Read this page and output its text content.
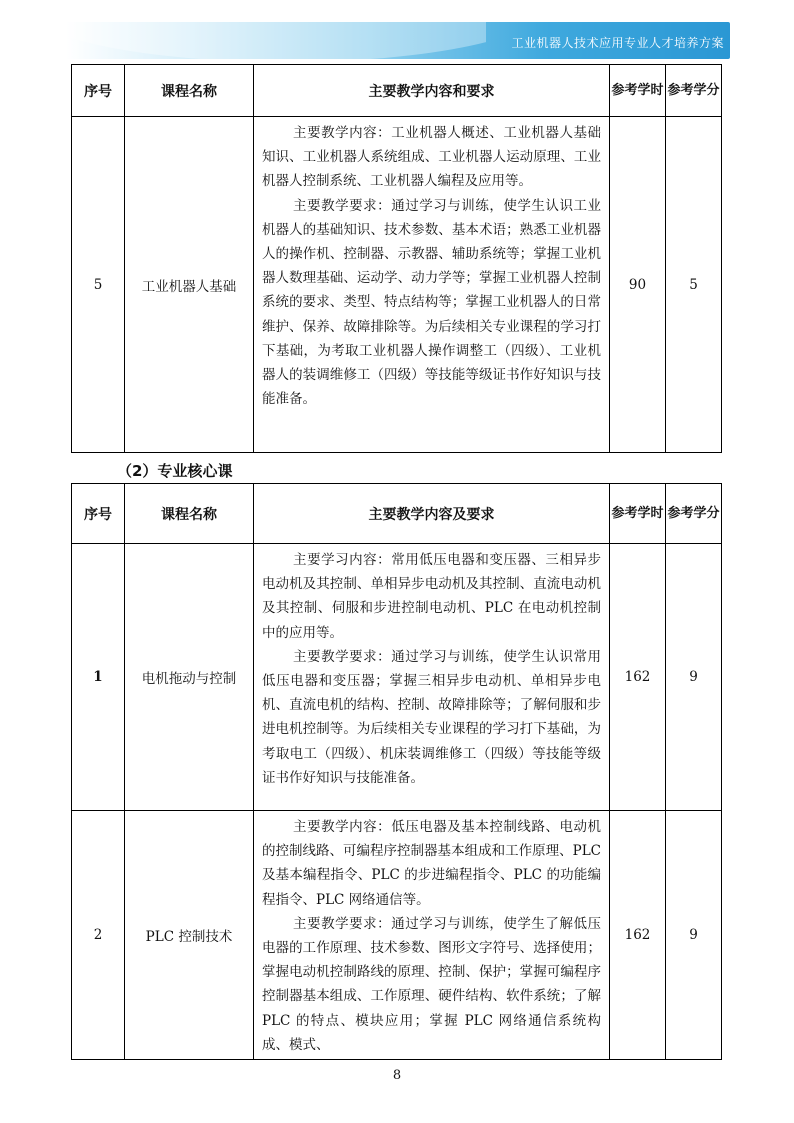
工业机器人技术应用专业人才培养方案
序号	课程名称	主要教学内容和要求	参考学时	参考学分
5	工业机器人基础	主要教学内容：工业机器人概述、工业机器人基础知识、工业机器人系统组成、工业机器人运动原理、工业机器人控制系统、工业机器人编程及应用等。

主要教学要求：通过学习与训练，使学生认识工业机器人的基础知识、技术参数、基本术语；熟悉工业机器人的操作机、控制器、示教器、辅助系统等；掌握工业机器人数理基础、运动学、动力学等；掌握工业机器人控制系统的要求、类型、特点结构等；掌握工业机器人的日常维护、保养、故障排除等。为后续相关专业课程的学习打下基础，为考取工业机器人操作调整工（四级）、工业机器人的装调维修工（四级）等技能等级证书作好知识与技能准备。	90	5
（2）专业核心课
序号	课程名称	主要教学内容及要求	参考学时	参考学分
1	电机拖动与控制	主要学习内容：常用低压电器和变压器、三相异步电动机及其控制、单相异步电动机及其控制、直流电动机及其控制、伺服和步进控制电动机、PLC 在电动机控制中的应用等。

主要教学要求：通过学习与训练，使学生认识常用低压电器和变压器；掌握三相异步电动机、单相异步电机、直流电机的结构、控制、故障排除等；了解伺服和步进电机控制等。为后续相关专业课程的学习打下基础，为考取电工（四级）、机床装调维修工（四级）等技能等级证书作好知识与技能准备。	162	9
2	PLC 控制技术	主要教学内容：低压电器及基本控制线路、电动机的控制线路、可编程序控制器基本组成和工作原理、PLC 及基本编程指令、PLC 的步进编程指令、PLC 的功能编程指令、PLC 网络通信等。

主要教学要求：通过学习与训练，使学生了解低压电器的工作原理、技术参数、图形文字符号、选择使用；掌握电动机控制路线的原理、控制、保护；掌握可编程序控制器基本组成、工作原理、硬件结构、软件系统；了解 PLC 的特点、模块应用；掌握 PLC 网络通信系统构成、模式、	162	9
8
